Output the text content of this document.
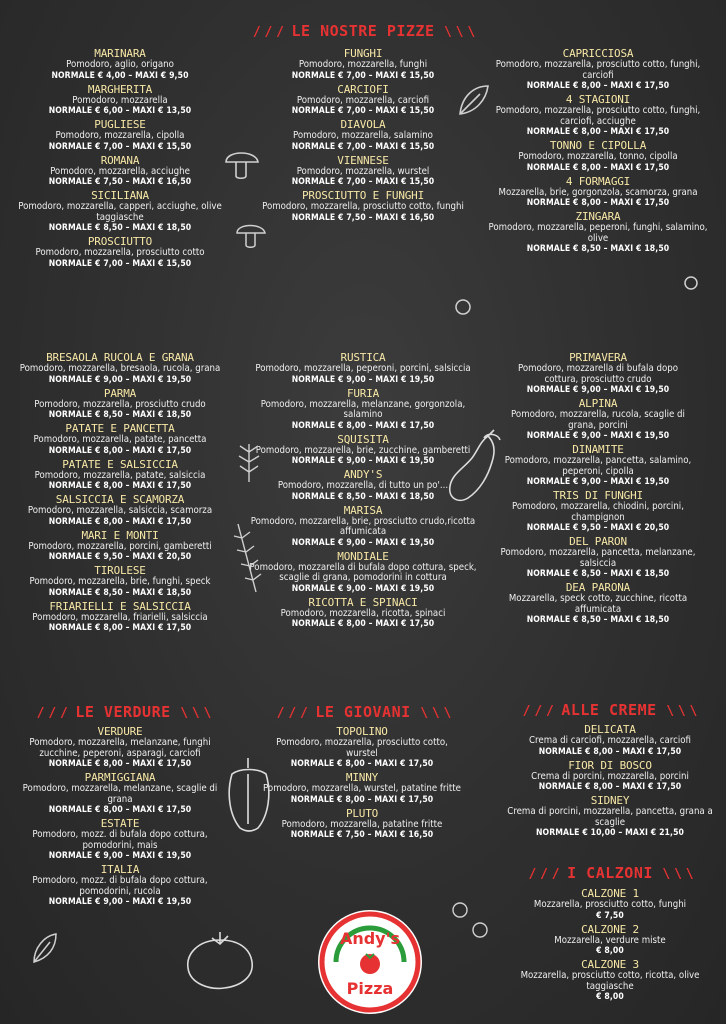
/ / / LE NOSTRE PIZZE \ \ \
/ / / LE VERDURE \ \ \	/ / / LE GIOVANI \ \ \	/ / / ALLE CREME \ \ \
/ / / I CALZONI \ \ \
MARINARA
Pomodoro, aglio, origano
NORMALE € 4,00 – MAXI € 9,50
MARGHERITA
Pomodoro, mozzarella
NORMALE € 6,00 – MAXI € 13,50
PUGLIESE
Pomodoro, mozzarella, cipolla
NORMALE € 7,00 – MAXI € 15,50
ROMANA
Pomodoro, mozzarella, acciughe
NORMALE € 7,50 – MAXI € 16,50
SICILIANA
Pomodoro, mozzarella, capperi, acciughe, olive taggiasche
NORMALE € 8,50 – MAXI € 18,50
PROSCIUTTO
Pomodoro, mozzarella, prosciutto cotto
NORMALE € 7,00 – MAXI € 15,50
FUNGHI
Pomodoro, mozzarella, funghi
NORMALE € 7,00 – MAXI € 15,50
CARCIOFI
Pomodoro, mozzarella, carciofi
NORMALE € 7,00 – MAXI € 15,50
DIAVOLA
Pomodoro, mozzarella, salamino
NORMALE € 7,00 – MAXI € 15,50
VIENNESE
Pomodoro, mozzarella, wurstel
NORMALE € 7,00 – MAXI € 15,50
PROSCIUTTO E FUNGHI
Pomodoro, mozzarella, prosciutto cotto, funghi
NORMALE € 7,50 – MAXI € 16,50
CAPRICCIOSA
Pomodoro, mozzarella, prosciutto cotto, funghi, carciofi
NORMALE € 8,00 – MAXI € 17,50
4 STAGIONI
Pomodoro, mozzarella, prosciutto cotto, funghi, carciofi, acciughe
NORMALE € 8,00 – MAXI € 17,50
TONNO E CIPOLLA
Pomodoro, mozzarella, tonno, cipolla
NORMALE € 8,00 – MAXI € 17,50
4 FORMAGGI
Mozzarella, brie, gorgonzola, scamorza, grana
NORMALE € 8,00 – MAXI € 17,50
ZINGARA
Pomodoro, mozzarella, peperoni, funghi, salamino, olive
NORMALE € 8,50 – MAXI € 18,50
BRESAOLA RUCOLA E GRANA
Pomodoro, mozzarella, bresaola, rucola, grana
NORMALE € 9,00 – MAXI € 19,50
PARMA
Pomodoro, mozzarella, prosciutto crudo
NORMALE € 8,50 – MAXI € 18,50
PATATE E PANCETTA
Pomodoro, mozzarella, patate, pancetta
NORMALE € 8,00 – MAXI € 17,50
PATATE E SALSICCIA
Pomodoro, mozzarella, patate, salsiccia
NORMALE € 8,00 – MAXI € 17,50
SALSICCIA E SCAMORZA
Pomodoro, mozzarella, salsiccia, scamorza
NORMALE € 8,00 – MAXI € 17,50
MARI E MONTI
Pomodoro, mozzarella, porcini, gamberetti
NORMALE € 9,50 – MAXI € 20,50
TIROLESE
Pomodoro, mozzarella, brie, funghi, speck
NORMALE € 8,50 – MAXI € 18,50
FRIARIELLI E SALSICCIA
Pomodoro, mozzarella, friarielli, salsiccia
NORMALE € 8,00 – MAXI € 17,50
RUSTICA
Pomodoro, mozzarella, peperoni, porcini, salsiccia
NORMALE € 9,00 – MAXI € 19,50
FURIA
Pomodoro, mozzarella, melanzane, gorgonzola, salamino
NORMALE € 8,00 – MAXI € 17,50
SQUISITA
Pomodoro, mozzarella, brie, zucchine, gamberetti
NORMALE € 9,00 – MAXI € 19,50
ANDY'S
Pomodoro, mozzarella, di tutto un po'...
NORMALE € 8,50 – MAXI € 18,50
MARISA
Pomodoro, mozzarella, brie, prosciutto crudo,ricotta affumicata
NORMALE € 9,00 – MAXI € 19,50
MONDIALE
Pomodoro, mozzarella di bufala dopo cottura, speck, scaglie di grana, pomodorini in cottura
NORMALE € 9,00 – MAXI € 19,50
RICOTTA E SPINACI
Pomodoro, mozzarella, ricotta, spinaci
NORMALE € 8,00 – MAXI € 17,50
PRIMAVERA
Pomodoro, mozzarella di bufala dopo cottura, prosciutto crudo
NORMALE € 9,00 – MAXI € 19,50
ALPINA
Pomodoro, mozzarella, rucola, scaglie di grana, porcini
NORMALE € 9,00 – MAXI € 19,50
DINAMITE
Pomodoro, mozzarella, pancetta, salamino, peperoni, cipolla
NORMALE € 9,00 – MAXI € 19,50
TRIS DI FUNGHI
Pomodoro, mozzarella, chiodini, porcini, champignon
NORMALE € 9,50 – MAXI € 20,50
DEL PARON
Pomodoro, mozzarella, pancetta, melanzane, salsiccia
NORMALE € 8,50 – MAXI € 18,50
DEA PARONA
Mozzarella, speck cotto, zucchine, ricotta affumicata
NORMALE € 8,50 – MAXI € 18,50
VERDURE
Pomodoro, mozzarella, melanzane, funghi zucchine, peperoni, asparagi, carciofi
NORMALE € 8,00 – MAXI € 17,50
PARMIGGIANA
Pomodoro, mozzarella, melanzane, scaglie di grana
NORMALE € 8,00 – MAXI € 17,50
ESTATE
Pomodoro, mozz. di bufala dopo cottura, pomodorini, mais
NORMALE € 9,00 – MAXI € 19,50
ITALIA
Pomodoro, mozz. di bufala dopo cottura, pomodorini, rucola
NORMALE € 9,00 – MAXI € 19,50
TOPOLINO
Pomodoro, mozzarella, prosciutto cotto, wurstel
NORMALE € 8,00 – MAXI € 17,50
MINNY
Pomodoro, mozzarella, wurstel, patatine fritte
NORMALE € 8,00 – MAXI € 17,50
PLUTO
Pomodoro, mozzarella, patatine fritte
NORMALE € 7,50 – MAXI € 16,50
DELICATA
Crema di carciofi, mozzarella, carciofi
NORMALE € 8,00 – MAXI € 17,50
FIOR DI BOSCO
Crema di porcini, mozzarella, porcini
NORMALE € 8,00 – MAXI € 17,50
SIDNEY
Crema di porcini, mozzarella, pancetta, grana a scaglie
NORMALE € 10,00 – MAXI € 21,50
CALZONE 1
Mozzarella, prosciutto cotto, funghi
€ 7,50
CALZONE 2
Mozzarella, verdure miste
€ 8,00
CALZONE 3
Mozzarella, prosciutto cotto, ricotta, olive taggiasche
€ 8,00
Andy's
Pizza
